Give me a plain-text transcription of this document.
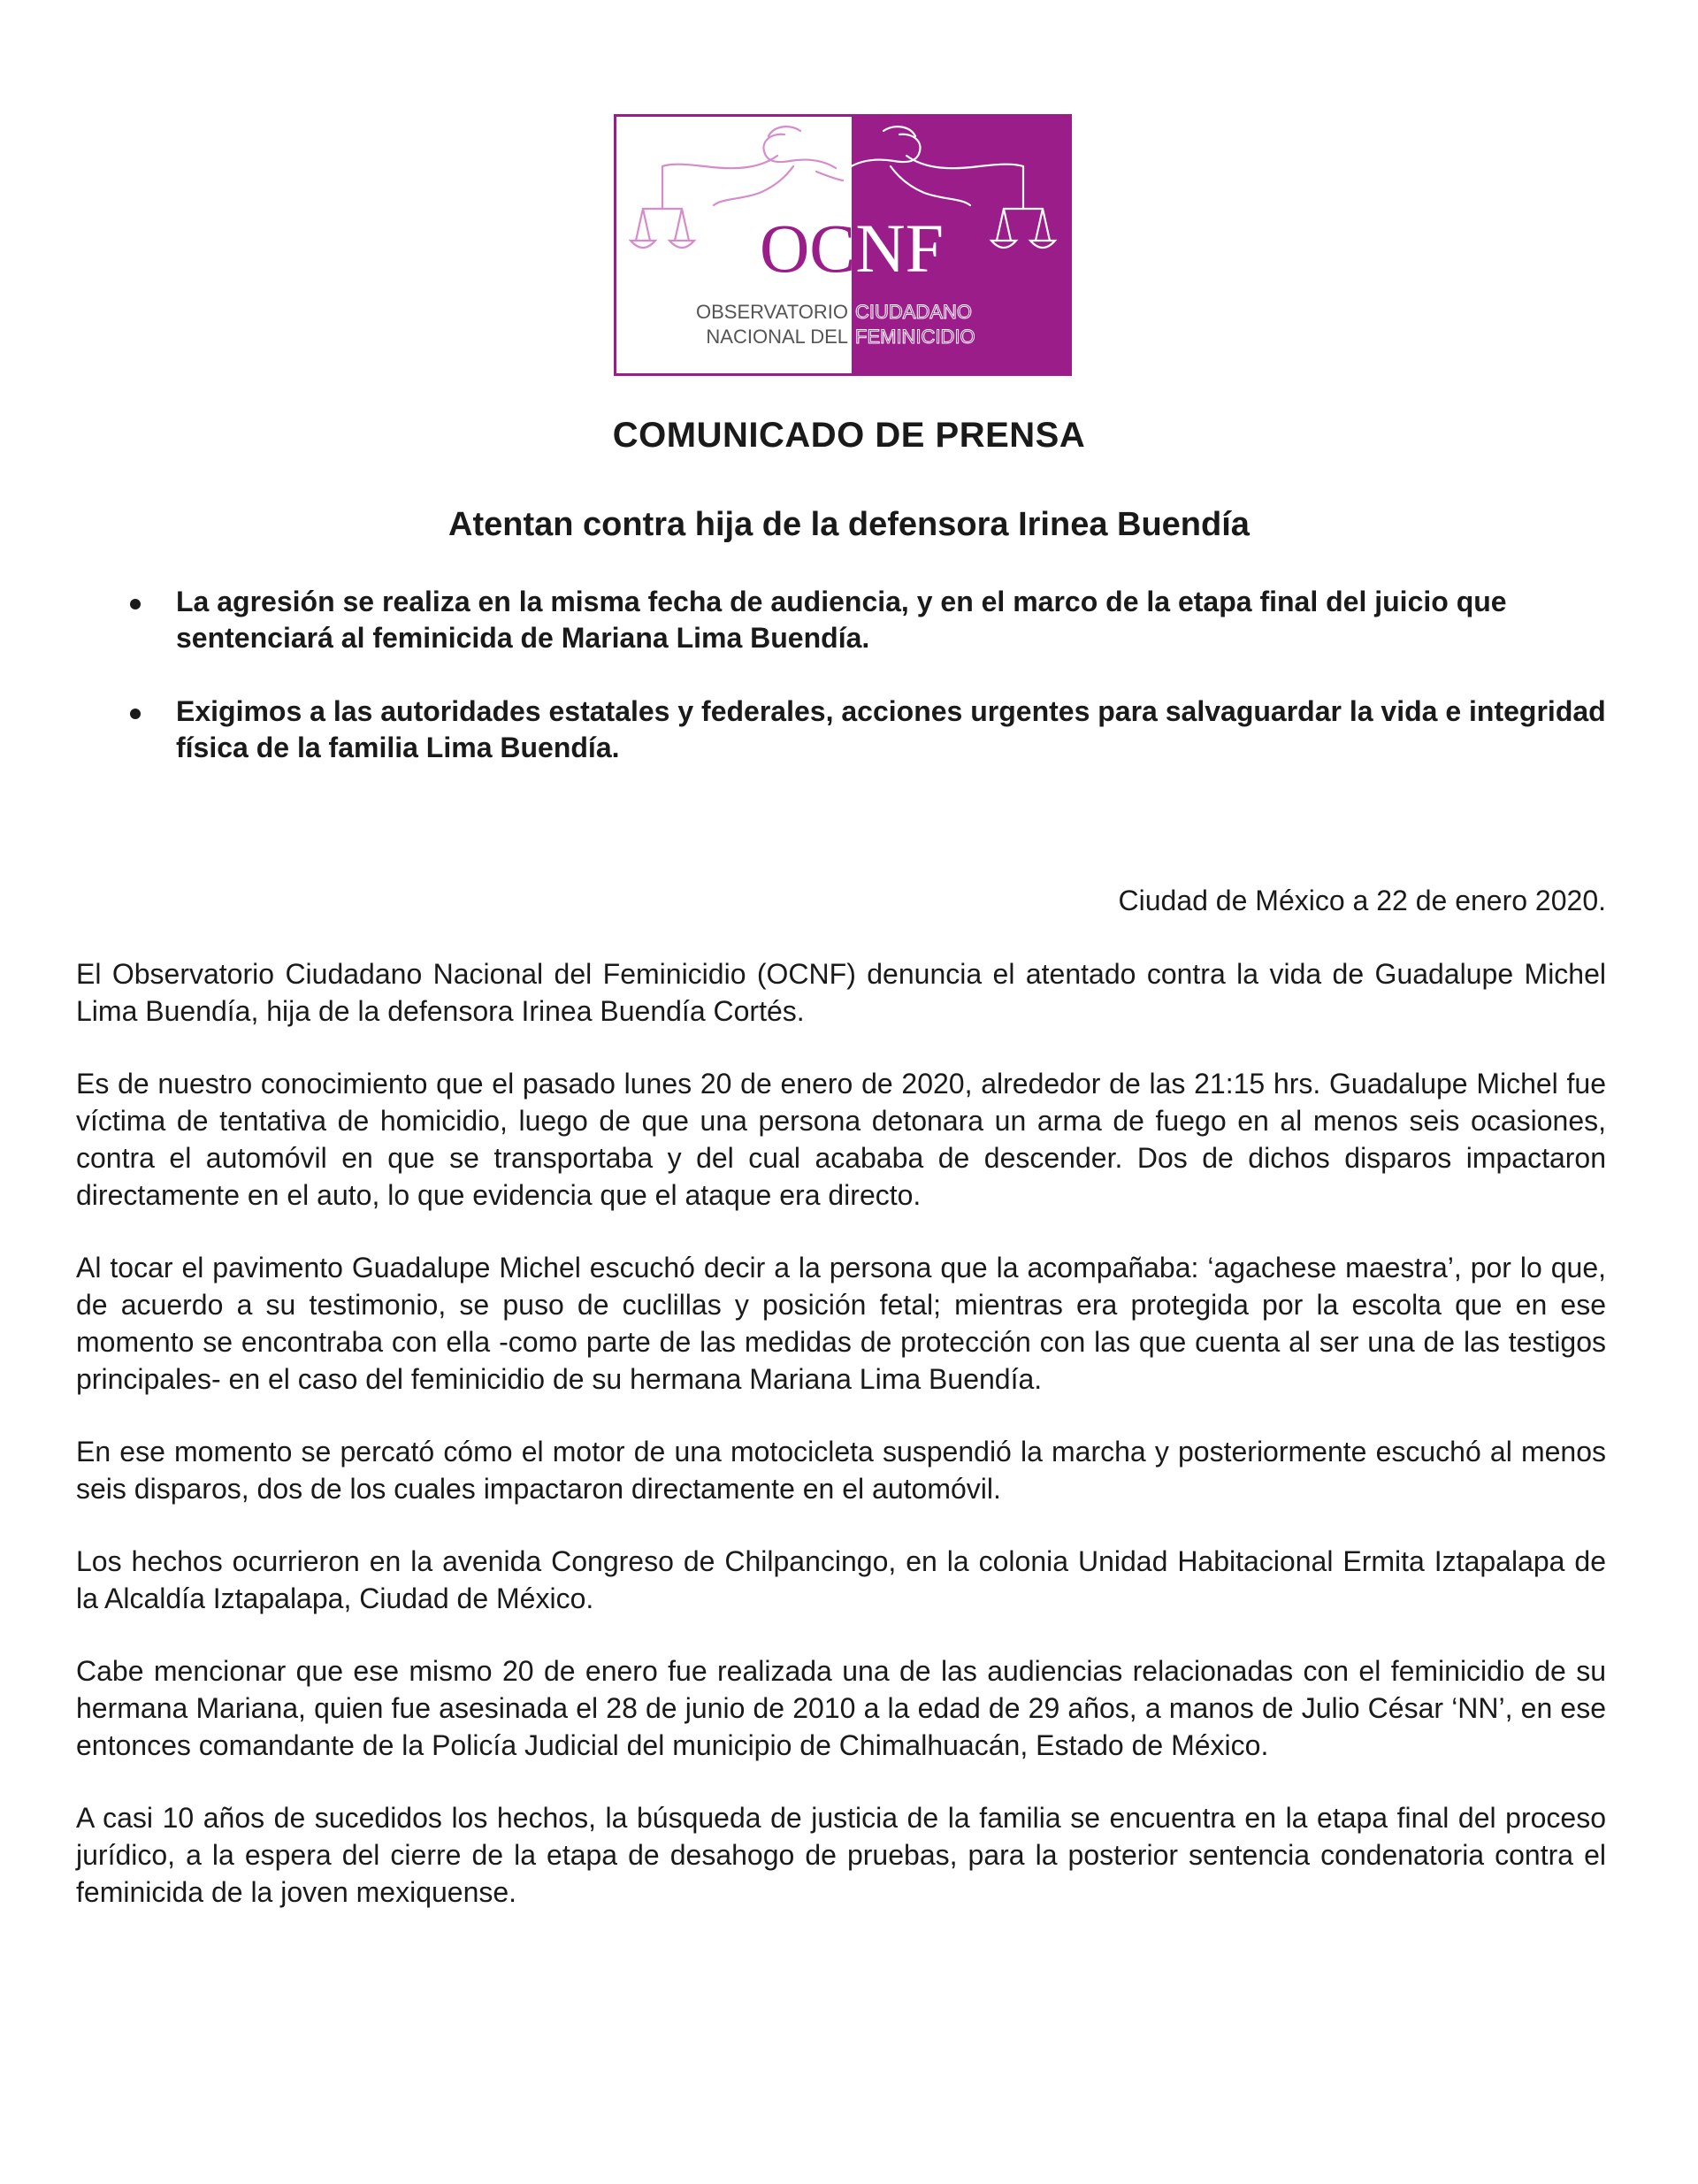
OCNF
OBSERVATORIO CIUDADANO
NACIONAL DEL FEMINICIDIO
COMUNICADO DE PRENSA
Atentan contra hija de la defensora Irinea Buendía
La agresión se realiza en la misma fecha de audiencia, y en el marco de la etapa final del juicio que sentenciará al feminicida de Mariana Lima Buendía.
Exigimos a las autoridades estatales y federales, acciones urgentes para salvaguardar la vida e integridad física de la familia Lima Buendía.

Ciudad de México a 22 de enero 2020.

El Observatorio Ciudadano Nacional del Feminicidio (OCNF) denuncia el atentado contra la vida de Guadalupe Michel Lima Buendía, hija de la defensora Irinea Buendía Cortés.

Es de nuestro conocimiento que el pasado lunes 20 de enero de 2020, alrededor de las 21:15 hrs. Guadalupe Michel fue víctima de tentativa de homicidio, luego de que una persona detonara un arma de fuego en al menos seis ocasiones, contra el automóvil en que se transportaba y del cual acababa de descender. Dos de dichos disparos impactaron directamente en el auto, lo que evidencia que el ataque era directo.

Al tocar el pavimento Guadalupe Michel escuchó decir a la persona que la acompañaba: ‘agachese maestra’, por lo que, de acuerdo a su testimonio, se puso de cuclillas y posición fetal; mientras era protegida por la escolta que en ese momento se encontraba con ella -como parte de las medidas de protección con las que cuenta al ser una de las testigos principales- en el caso del feminicidio de su hermana Mariana Lima Buendía.

En ese momento se percató cómo el motor de una motocicleta suspendió la marcha y posteriormente escuchó al menos seis disparos, dos de los cuales impactaron directamente en el automóvil.

Los hechos ocurrieron en la avenida Congreso de Chilpancingo, en la colonia Unidad Habitacional Ermita Iztapalapa de la Alcaldía Iztapalapa, Ciudad de México.

Cabe mencionar que ese mismo 20 de enero fue realizada una de las audiencias relacionadas con el feminicidio de su hermana Mariana, quien fue asesinada el 28 de junio de 2010 a la edad de 29 años, a manos de Julio César ‘NN’, en ese entonces comandante de la Policía Judicial del municipio de Chimalhuacán, Estado de México.

A casi 10 años de sucedidos los hechos, la búsqueda de justicia de la familia se encuentra en la etapa final del proceso jurídico, a la espera del cierre de la etapa de desahogo de pruebas, para la posterior sentencia condenatoria contra el feminicida de la joven mexiquense.
